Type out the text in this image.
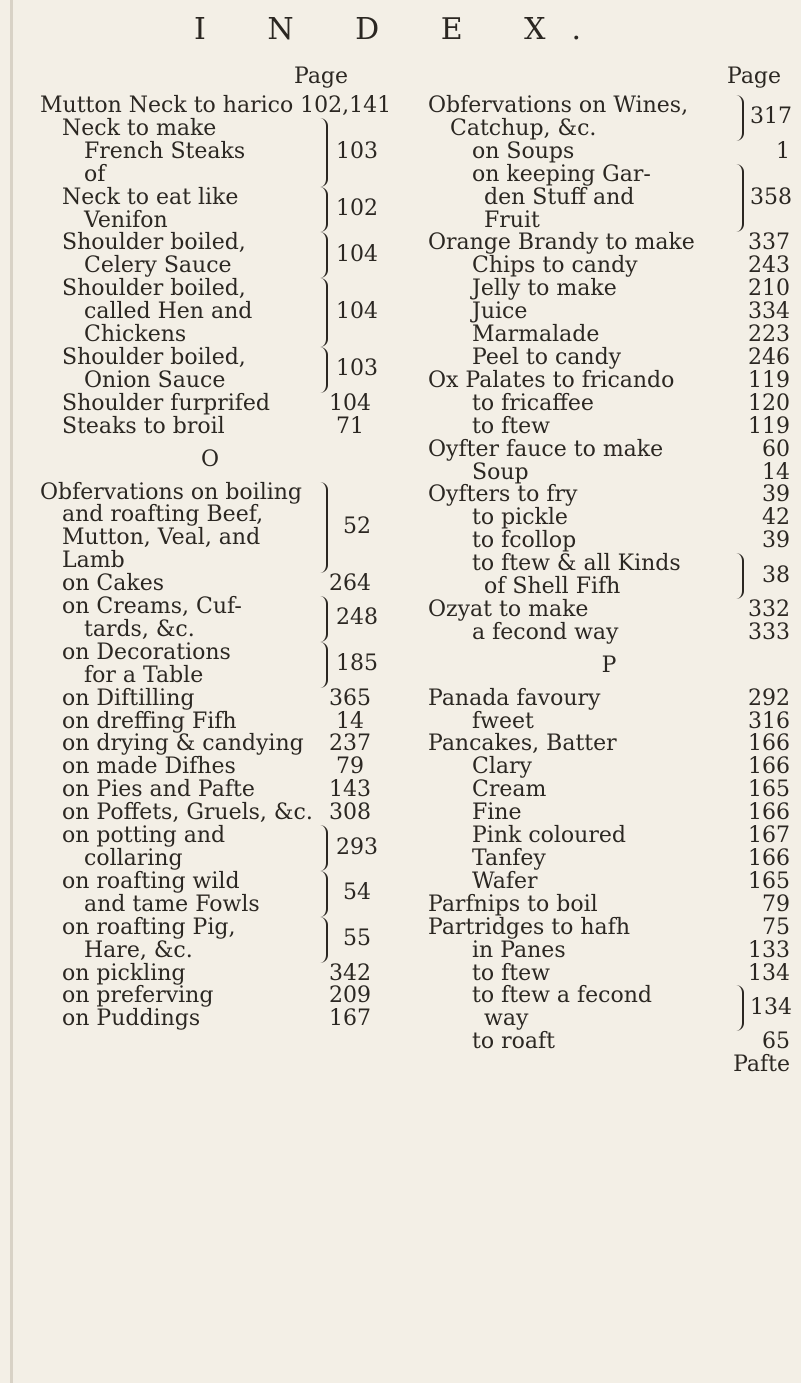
I N D E X.
Page	Page
Mutton Neck to harico 102, 141
Neck to make
French Steaks
of
103
Neck to eat like
Venifon	102
Shoulder boiled,
Celery Sauce	104
Shoulder boiled,
called Hen and
Chickens
104
Shoulder boiled,
Onion Sauce	103
Shoulder furprifed	104
Steaks to broil	71
O
Obfervations on boiling
and roafting Beef,
Mutton, Veal, and
Lamb
52
on Cakes	264
on Creams, Cuf-
tards, &c.	248
on Decorations
for a Table	185
on Diftilling	365
on dreffing Fifh	14
on drying & candying	237
on made Difhes	79
on Pies and Pafte	143
on Poffets, Gruels, &c. 308
on potting and
collaring	293
on roafting wild
and tame Fowls	54
on roafting Pig,
Hare, &c.	55
on pickling	342
on preferving	209
on Puddings	167
Obfervations on Wines,
Catchup, &c.	317
on Soups	1
on keeping Gar-
den Stuff and
Fruit
358
Orange Brandy to make	337
Chips to candy	243
Jelly to make	210
Juice	334
Marmalade	223
Peel to candy	246
Ox Palates to fricando	119
to fricaffee	120
to ftew	119
Oyfter fauce to make	60
Soup	14
Oyfters to fry	39
to pickle	42
to fcollop	39
to ftew & all Kinds
of Shell Fifh	38
Ozyat to make	332
a fecond way	333
P
Panada favoury	292
fweet	316
Pancakes, Batter	166
Clary	166
Cream	165
Fine	166
Pink coloured	167
Tanfey	166
Wafer	165
Parfnips to boil	79
Partridges to hafh	75
in Panes	133
to ftew	134
to ftew a fecond
way	134
to roaft	65
Pafte
